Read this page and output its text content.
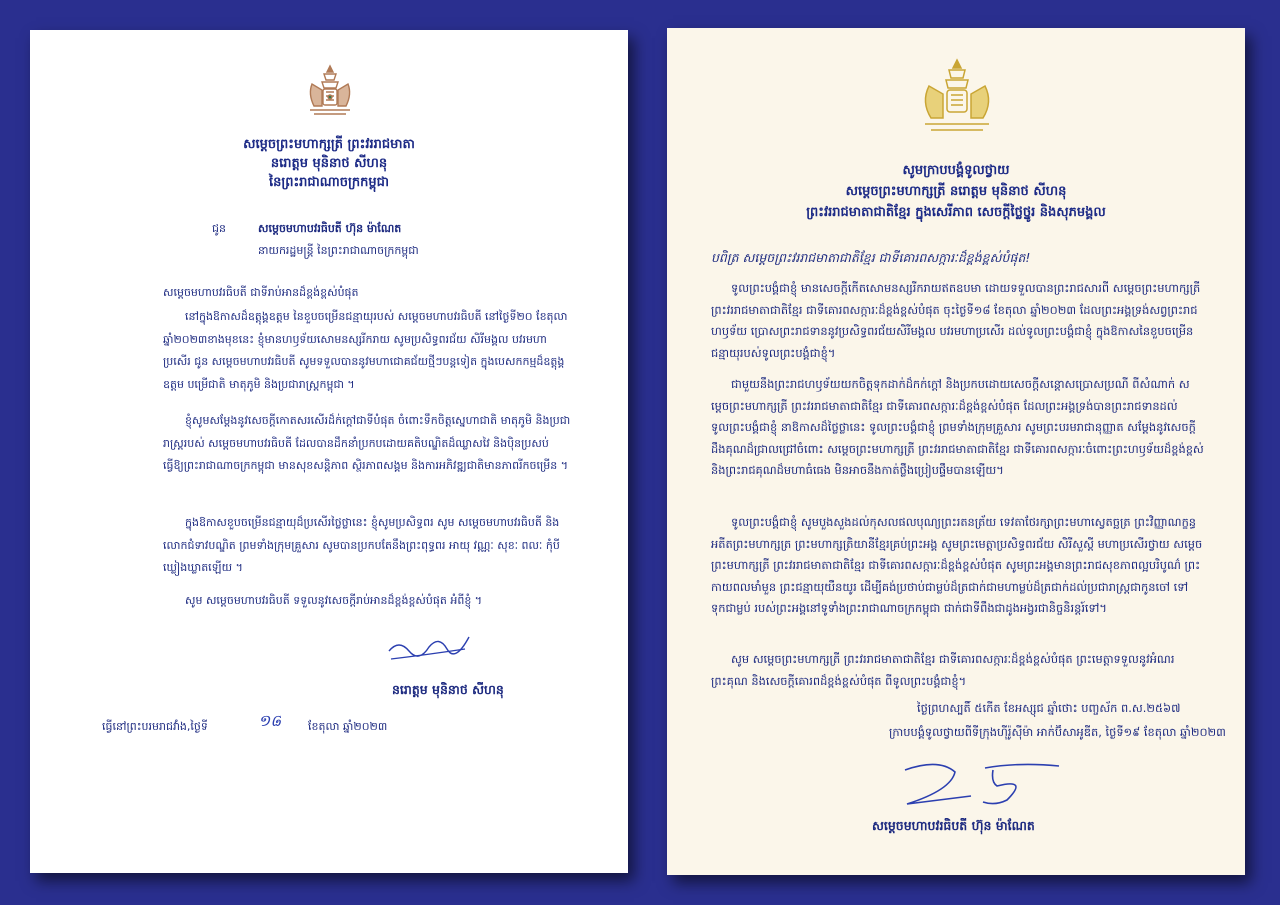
សម្តេចព្រះមហាក្សត្រី ព្រះវររាជមាតា
នរោត្តម មុនិនាថ សីហនុ
នៃព្រះរាជាណាចក្រកម្ពុជា
ជូន	សម្តេចមហាបវរធិបតី ហ៊ុន ម៉ាណែត
នាយករដ្ឋមន្ត្រី នៃព្រះរាជាណាចក្រកម្ពុជា
សម្តេចមហាបវរធិបតី ជាទីរាប់អានដ៏ខ្ពង់ខ្ពស់បំផុត
នៅក្នុងឱកាសដ៏ឧត្តុង្គឧត្តម នៃខួបចម្រើនជន្មាយុរបស់ សម្តេចមហាបវរធិបតី នៅថ្ងៃទី២០ ខែតុលា ឆ្នាំ២០២៣ខាងមុខនេះ ខ្ញុំមានហឫទ័យសោមនស្សរីករាយ សូមប្រសិទ្ធពរជ័យ សិរីមង្គល បវរមហាប្រសើរ ជូន សម្តេចមហាបវរធិបតី សូមទទួលបាននូវមហាជោគជ័យថ្មីៗបន្តទៀត ក្នុងបេសកកម្មដ៏ឧត្តុង្គឧត្តម បម្រើជាតិ មាតុភូមិ និងប្រជារាស្ត្រកម្ពុជា ។
ខ្ញុំសូមសម្តែងនូវសេចក្តីកោតសរសើរដ៏ក់ក្តៅជាទីបំផុត ចំពោះទឹកចិត្តស្នេហាជាតិ មាតុភូមិ និងប្រជារាស្ត្ររបស់ សម្តេចមហាបវរធិបតី ដែលបានដឹកនាំប្រកបដោយគតិបណ្ឌិតដ៏ឈ្លាសវៃ និងប៉ិនប្រសប់ ធ្វើឱ្យព្រះរាជាណាចក្រកម្ពុជា មានសុខសន្តិភាព ស្ថិរភាពសង្គម និងការអភិវឌ្ឍជាតិមានភាពរីកចម្រើន ។
ក្នុងឱកាសខួបចម្រើនជន្មាយុដ៏ប្រសើរថ្លៃថ្លានេះ ខ្ញុំសូមប្រសិទ្ធពរ សូម សម្តេចមហាបវរធិបតី និងលោកជំទាវបណ្ឌិត ព្រមទាំងក្រុមគ្រួសារ សូមបានប្រកបតែនឹងព្រះពុទ្ធពរ អាយុ វណ្ណៈ សុខៈ ពលៈ កុំបីឃ្លៀងឃ្លាតឡើយ ។
សូម សម្តេចមហាបវរធិបតី ទទួលនូវសេចក្តីរាប់អានដ៏ខ្ពង់ខ្ពស់បំផុត អំពីខ្ញុំ ។
នរោត្តម មុនិនាថ សីហនុ
ធ្វើនៅព្រះបរមរាជវាំង,ថ្ងៃទី	១៨ ខែតុលា ឆ្នាំ២០២៣
សូមក្រាបបង្គំទូលថ្វាយ
សម្តេចព្រះមហាក្សត្រី នរោត្តម មុនិនាថ សីហនុ
ព្រះវររាជមាតាជាតិខ្មែរ ក្នុងសេរីភាព សេចក្តីថ្លៃថ្នូរ និងសុភមង្គល
បពិត្រ សម្តេចព្រះវររាជមាតាជាតិខ្មែរ ជាទីគោរពសក្ការៈដ៏ខ្ពង់ខ្ពស់បំផុត!
ទូលព្រះបង្គំជាខ្ញុំ មានសេចក្តីកើតសោមនស្សរីករាយឥតឧបមា ដោយទទួលបានព្រះរាជសារពី សម្តេចព្រះមហាក្សត្រី ព្រះវររាជមាតាជាតិខ្មែរ ជាទីគោរពសក្ការៈដ៏ខ្ពង់ខ្ពស់បំផុត ចុះថ្ងៃទី១៨ ខែតុលា ឆ្នាំ២០២៣ ដែលព្រះអង្គទ្រង់សព្វព្រះរាជហឫទ័យ ប្រោសព្រះរាជទាននូវប្រសិទ្ធពរជ័យសិរីមង្គល បវរមហាប្រសើរ ដល់ទូលព្រះបង្គំជាខ្ញុំ ក្នុងឱកាសនៃខួបចម្រើនជន្មាយុរបស់ទូលព្រះបង្គំជាខ្ញុំ។
ជាមួយនឹងព្រះរាជហឫទ័យយកចិត្តទុកដាក់ដ៏កក់ក្តៅ និងប្រកបដោយសេចក្តីសន្តោសប្រោសប្រណី ពីសំណាក់ សម្តេចព្រះមហាក្សត្រី ព្រះវររាជមាតាជាតិខ្មែរ ជាទីគោរពសក្ការៈដ៏ខ្ពង់ខ្ពស់បំផុត ដែលព្រះអង្គទ្រង់បានព្រះរាជទានដល់ទូលព្រះបង្គំជាខ្ញុំ នាឱកាសដ៏ថ្លៃថ្លានេះ ទូលព្រះបង្គំជាខ្ញុំ ព្រមទាំងក្រុមគ្រួសារ សូមព្រះបរមរាជានុញ្ញាត សម្តែងនូវសេចក្តីដឹងគុណដ៏ជ្រាលជ្រៅចំពោះ សម្តេចព្រះមហាក្សត្រី ព្រះវររាជមាតាជាតិខ្មែរ ជាទីគោរពសក្ការៈចំពោះព្រះហឫទ័យដ៏ខ្ពង់ខ្ពស់ និងព្រះរាជគុណដ៏មហាធំធេង មិនអាចនឹងកាត់ថ្លឹងប្រៀបផ្ទឹមបានឡើយ។
ទូលព្រះបង្គំជាខ្ញុំ សូមបួងសួងដល់កុសលផលបុណ្យព្រះរតនត្រ័យ ទេវតាថែរក្សាព្រះមហាស្វេតច្ឆត្រ ព្រះវិញ្ញាណក្ខន្ធអតីតព្រះមហាក្សត្រ ព្រះមហាក្សត្រិយានីខ្មែរគ្រប់ព្រះអង្គ សូមព្រះមេត្តាប្រសិទ្ធពរជ័យ សិរីសួស្តី មហាប្រសើរថ្វាយ សម្តេចព្រះមហាក្សត្រី ព្រះវររាជមាតាជាតិខ្មែរ ជាទីគោរពសក្ការៈដ៏ខ្ពង់ខ្ពស់បំផុត សូមព្រះអង្គមានព្រះរាជសុខភាពល្អបរិបូណ៌ ព្រះកាយពលមាំមួន ព្រះជន្មាយុយឺនយូរ ដើម្បីគង់ប្រថាប់ជាម្លប់ដ៏ត្រជាក់ជាមហាម្លប់ដ៏ត្រជាក់ដល់ប្រជារាស្ត្រជាកូនចៅ ទៅទុកជាម្លប់ របស់ព្រះអង្គនៅទូទាំងព្រះរាជាណាចក្រកម្ពុជា ជាក់ជាទីពឹងជាដូងអង្វរជានិច្ចនិរន្តរ៍ទៅ។
សូម សម្តេចព្រះមហាក្សត្រី ព្រះវររាជមាតាជាតិខ្មែរ ជាទីគោរពសក្ការៈដ៏ខ្ពង់ខ្ពស់បំផុត ព្រះមេត្តាទទួលនូវអំណរព្រះគុណ និងសេចក្តីគោរពដ៏ខ្ពង់ខ្ពស់បំផុត ពីទូលព្រះបង្គំជាខ្ញុំ។
ថ្ងៃព្រហស្បតិ៍ ៥កើត ខែអស្សុជ ឆ្នាំថោះ បញ្ចស័ក ព.ស.២៥៦៧
ក្រាបបង្គំទូលថ្វាយពីទីក្រុងហ៊ីរ៉ូស៊ីម៉ា អាក់ប៊ីសាអូឌីត, ថ្ងៃទី១៩ ខែតុលា ឆ្នាំ២០២៣
សម្តេចមហាបវរធិបតី ហ៊ុន ម៉ាណែត
